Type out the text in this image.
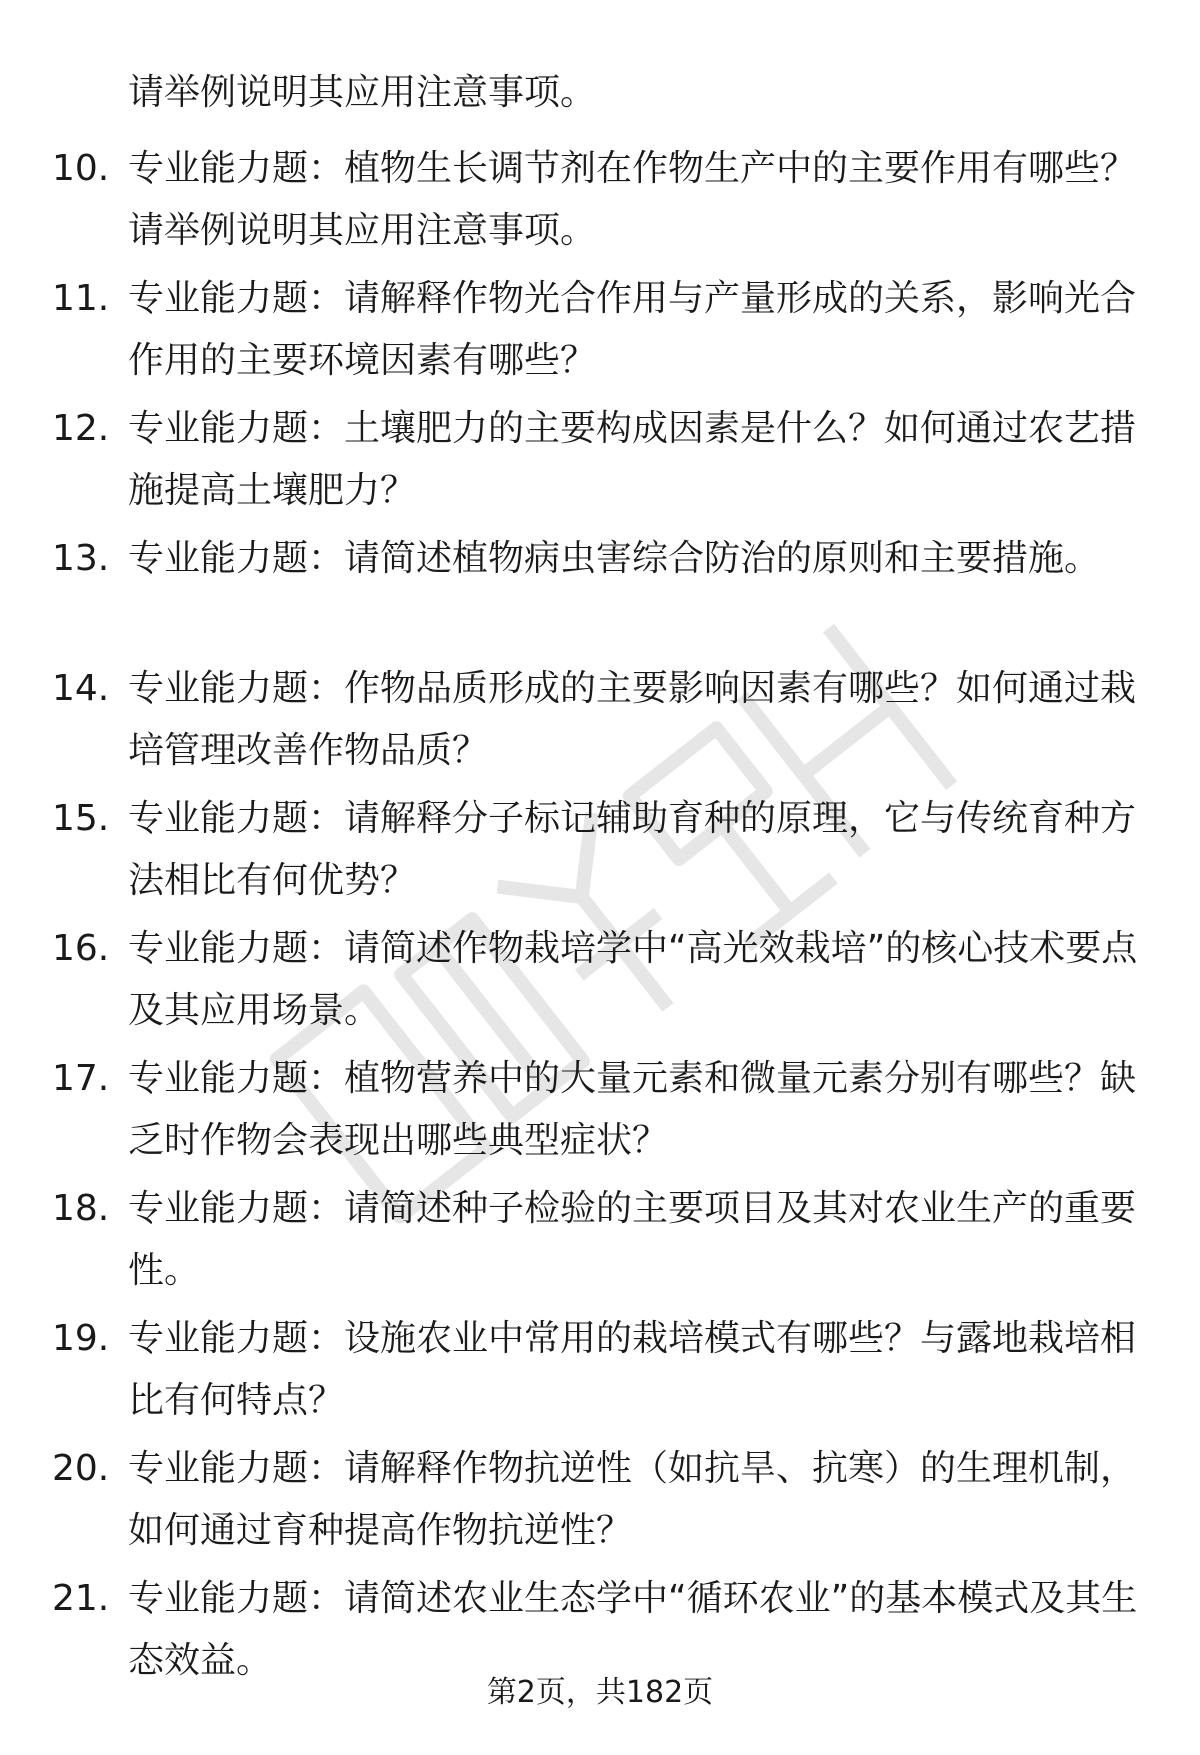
请举例说明其应用注意事项。
10. 专业能力题：植物生长调节剂在作物生产中的主要作用有哪些？请举例说明其应用注意事项。
11. 专业能力题：请解释作物光合作用与产量形成的关系，影响光合作用的主要环境因素有哪些？
12. 专业能力题：土壤肥力的主要构成因素是什么？如何通过农艺措施提高土壤肥力？
13. 专业能力题：请简述植物病虫害综合防治的原则和主要措施。
14. 专业能力题：作物品质形成的主要影响因素有哪些？如何通过栽培管理改善作物品质？
15. 专业能力题：请解释分子标记辅助育种的原理，它与传统育种方法相比有何优势？
16. 专业能力题：请简述作物栽培学中“高光效栽培”的核心技术要点及其应用场景。
17. 专业能力题：植物营养中的大量元素和微量元素分别有哪些？缺乏时作物会表现出哪些典型症状？
18. 专业能力题：请简述种子检验的主要项目及其对农业生产的重要性。
19. 专业能力题：设施农业中常用的栽培模式有哪些？与露地栽培相比有何特点？
20. 专业能力题：请解释作物抗逆性（如抗旱、抗寒）的生理机制，如何通过育种提高作物抗逆性？
21. 专业能力题：请简述农业生态学中“循环农业”的基本模式及其生态效益。
第2页，共182页
